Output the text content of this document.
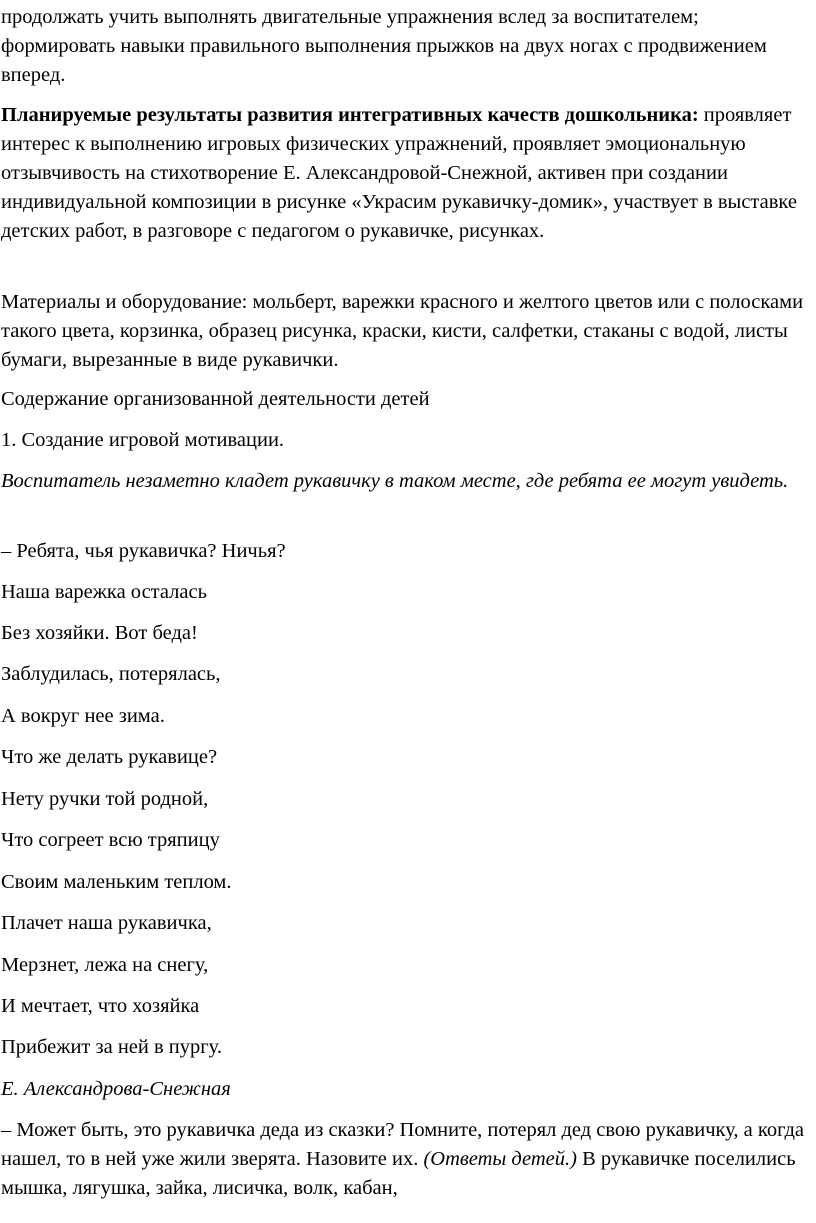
продолжать учить выполнять двигательные упражнения вслед за воспитателем; формировать навыки правильного выполнения прыжков на двух ногах с продвижением вперед.

Планируемые результаты развития интегративных качеств дошкольника: проявляет интерес к выполнению игровых физических упражнений, проявляет эмоциональную отзывчивость на стихотворение Е. Александровой-Снежной, активен при создании индивидуальной композиции в рисунке «Украсим рукавичку-домик», участвует в выставке детских работ, в разговоре с педагогом о рукавичке, рисунках.

Материалы и оборудование: мольберт, варежки красного и желтого цветов или с полосками такого цвета, корзинка, образец рисунка, краски, кисти, салфетки, стаканы с водой, листы бумаги, вырезанные в виде рукавички.

Содержание организованной деятельности детей

1. Создание игровой мотивации.

Воспитатель незаметно кладет рукавичку в таком месте, где ребята ее могут увидеть.

– Ребята, чья рукавичка? Ничья?

Наша варежка осталась

Без хозяйки. Вот беда!

Заблудилась, потерялась,

А вокруг нее зима.

Что же делать рукавице?

Нету ручки той родной,

Что согреет всю тряпицу

Своим маленьким теплом.

Плачет наша рукавичка,

Мерзнет, лежа на снегу,

И мечтает, что хозяйка

Прибежит за ней в пургу.

Е. Александрова-Снежная

– Может быть, это рукавичка деда из сказки? Помните, потерял дед свою рукавичку, а когда нашел, то в ней уже жили зверята. Назовите их. (Ответы детей.) В рукавичке поселились мышка, лягушка, зайка, лисичка, волк, кабан,
